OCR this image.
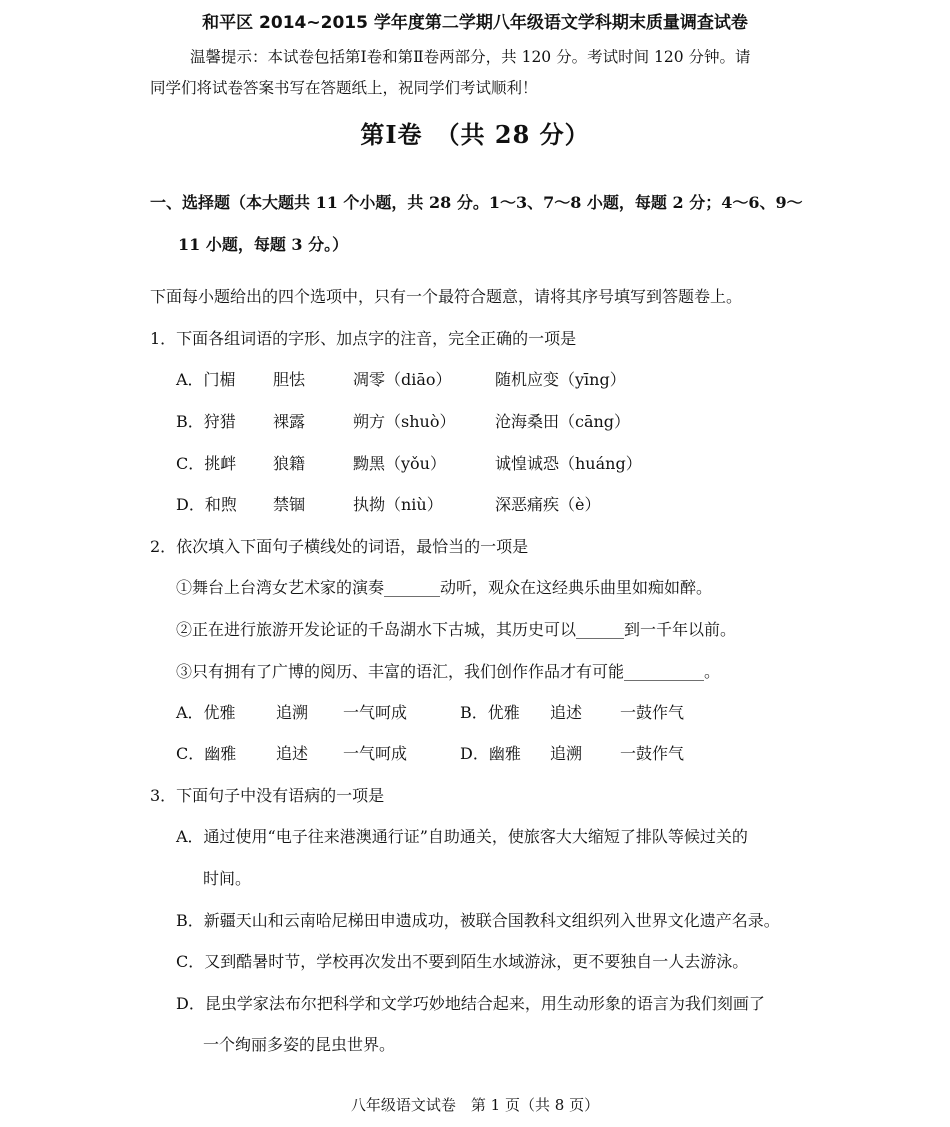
和平区 2014~2015 学年度第二学期八年级语文学科期末质量调查试卷
温馨提示：本试卷包括第Ⅰ卷和第Ⅱ卷两部分，共 120 分。考试时间 120 分钟。请
同学们将试卷答案书写在答题纸上，祝同学们考试顺利！
第Ⅰ卷　（共 28 分）
一、选择题（本大题共 11 个小题，共 28 分。1～3、7～8 小题，每题 2 分；4～6、9～
11 小题，每题 3 分。）
下面每小题给出的四个选项中，只有一个最符合题意，请将其序号填写到答题卷上。
1．下面各组词语的字形、加点字的注音，完全正确的一项是
A．门楣 胆怯	凋零（diāo）	随机应变（yīng）
B．狩猎 裸露	朔方（shuò） 沧海桑田（cāng）
C．挑衅 狼籍	黝黑（yǒu）	诚惶诚恐（huáng）
D．和煦 禁锢	执拗（niù）	深恶痛疾（è）
2．依次填入下面句子横线处的词语，最恰当的一项是
①舞台上台湾女艺术家的演奏_______动听，观众在这经典乐曲里如痴如醉。
②正在进行旅游开发论证的千岛湖水下古城，其历史可以______到一千年以前。
③只有拥有了广博的阅历、丰富的语汇，我们创作作品才有可能__________。
A．优雅	追溯 一气呵成	B．优雅 追述 一鼓作气
C．幽雅 追述 一气呵成	D．幽雅 追溯 一鼓作气
3．下面句子中没有语病的一项是
A．通过使用“电子往来港澳通行证”自助通关，使旅客大大缩短了排队等候过关的
时间。
B．新疆天山和云南哈尼梯田申遗成功，被联合国教科文组织列入世界文化遗产名录。
C．又到酷暑时节，学校再次发出不要到陌生水域游泳，更不要独自一人去游泳。
D．昆虫学家法布尔把科学和文学巧妙地结合起来，用生动形象的语言为我们刻画了
一个绚丽多姿的昆虫世界。
八年级语文试卷　第 1 页（共 8 页）
